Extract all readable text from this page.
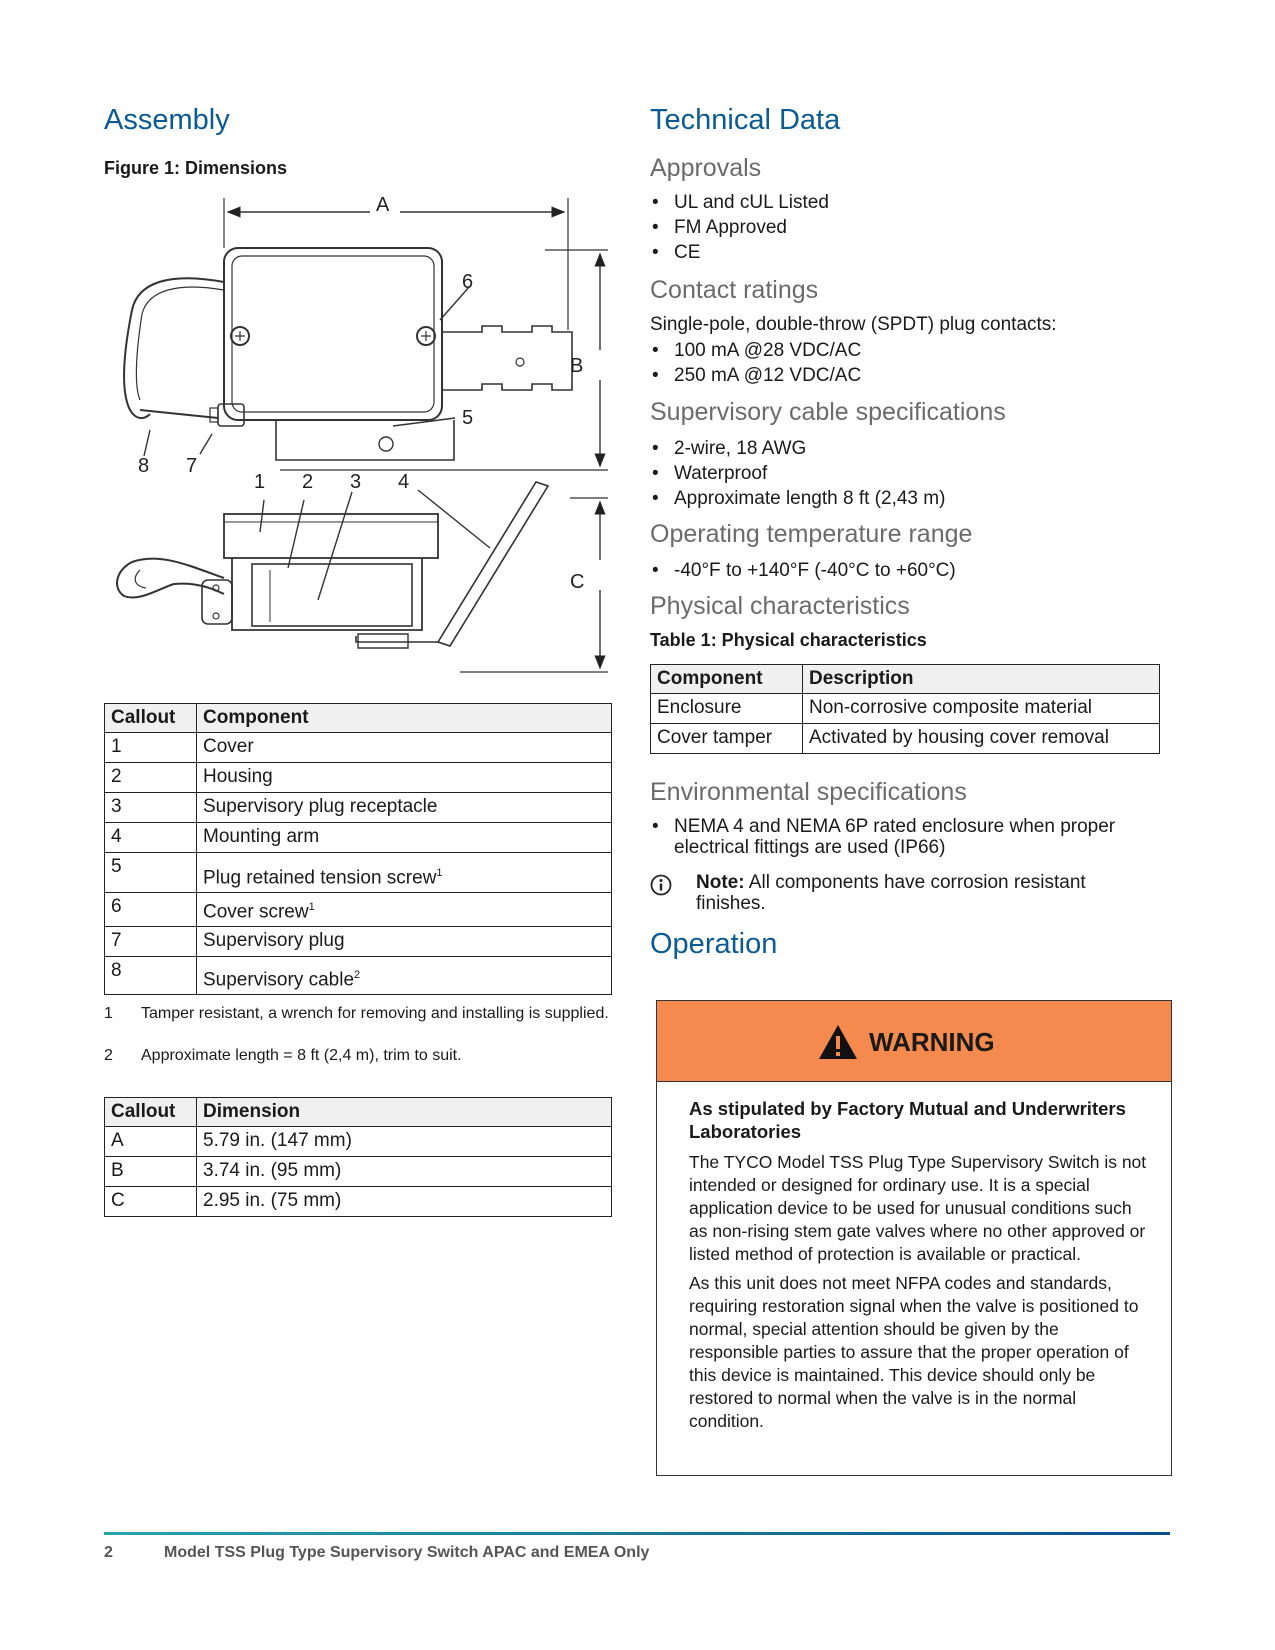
Assembly
Figure 1: Dimensions
A
B
C
6
5
8 7
1 2 3 4
Callout	Component
1	Cover
2	Housing
3	Supervisory plug receptacle
4	Mounting arm
5	Plug retained tension screw$^1$
6	Cover screw$^1$
7	Supervisory plug
8	Supervisory cable$^2$
1 Tamper resistant, a wrench for removing and installing is supplied.
2 Approximate length = 8 ft (2,4 m), trim to suit.
Callout	Dimension
A	5.79 in. (147 mm)
B	3.74 in. (95 mm)
C	2.95 in. (75 mm)
Technical Data
Approvals
• UL and cUL Listed
• FM Approved
• CE
Contact ratings
Single-pole, double-throw (SPDT) plug contacts:
• 100 mA @28 VDC/AC
• 250 mA @12 VDC/AC
Supervisory cable specifications
• 2-wire, 18 AWG
• Waterproof
• Approximate length 8 ft (2,43 m)
Operating temperature range
• -40°F to +140°F (-40°C to +60°C)
Physical characteristics
Table 1: Physical characteristics
Component	Description
Enclosure	Non-corrosive composite material
Cover tamper	Activated by housing cover removal
Environmental specifications
• NEMA 4 and NEMA 6P rated enclosure when proper electrical fittings are used (IP66)
Note: All components have corrosion resistant finishes.
Operation
WARNING
As stipulated by Factory Mutual and Underwriters Laboratories
The TYCO Model TSS Plug Type Supervisory Switch is not intended or designed for ordinary use. It is a special application device to be used for unusual conditions such as non-rising stem gate valves where no other approved or listed method of protection is available or practical.
As this unit does not meet NFPA codes and standards, requiring restoration signal when the valve is positioned to normal, special attention should be given by the responsible parties to assure that the proper operation of this device is maintained. This device should only be restored to normal when the valve is in the normal condition.
2	Model TSS Plug Type Supervisory Switch APAC and EMEA Only
